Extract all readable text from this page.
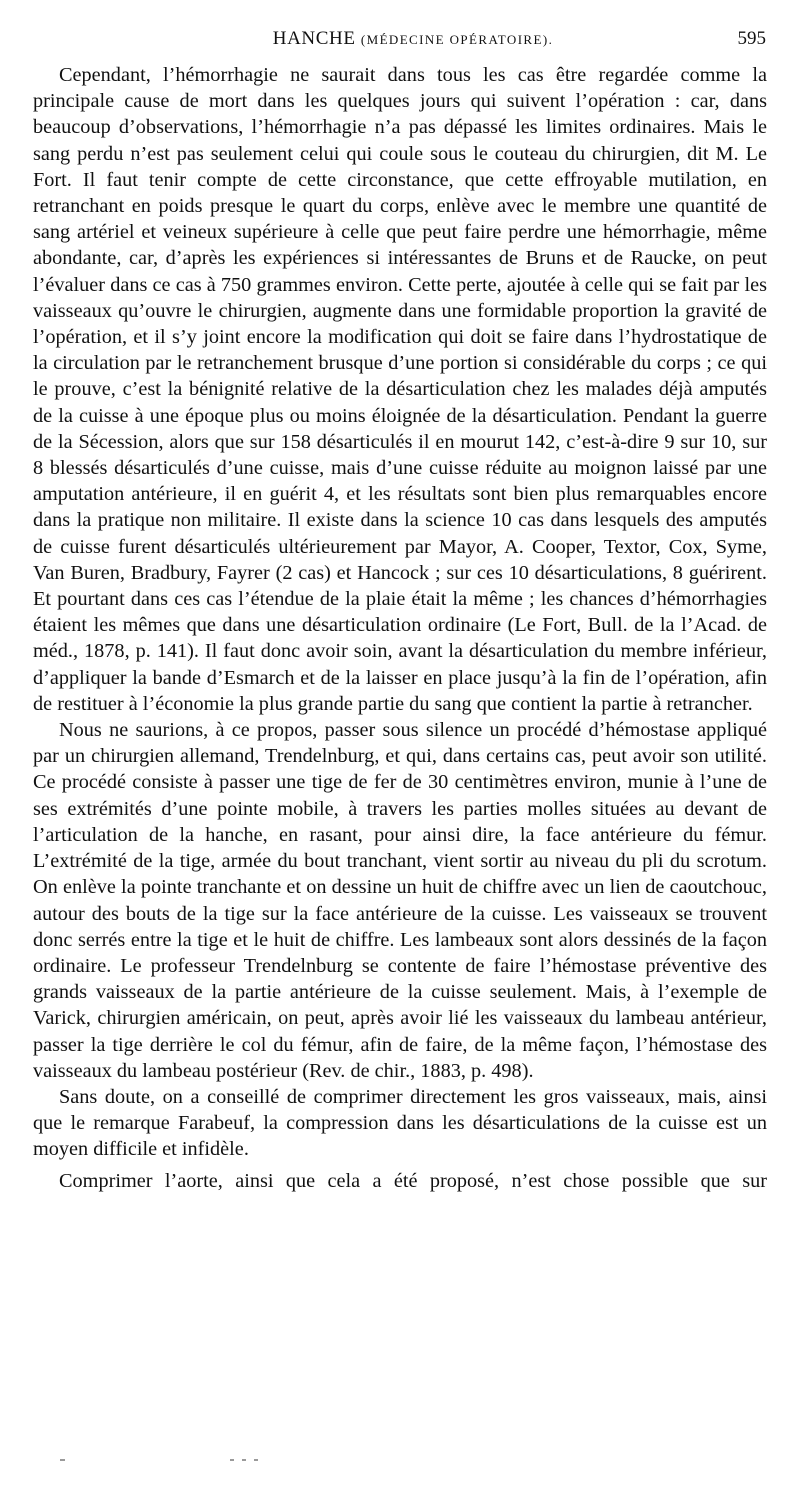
HANCHE (MÉDECINE OPÉRATOIRE).	595

Cependant, l’hémorrhagie ne saurait dans tous les cas être regardée comme la principale cause de mort dans les quelques jours qui suivent l’opération : car, dans beaucoup d’observations, l’hémorrhagie n’a pas dépassé les limites ordinaires. Mais le sang perdu n’est pas seulement celui qui coule sous le couteau du chirurgien, dit M. Le Fort. Il faut tenir compte de cette circonstance, que cette effroyable mutilation, en retranchant en poids presque le quart du corps, enlève avec le membre une quantité de sang artériel et veineux supérieure à celle que peut faire perdre une hémorrhagie, même abondante, car, d’après les expériences si intéressantes de Bruns et de Raucke, on peut l’évaluer dans ce cas à 750 grammes environ. Cette perte, ajoutée à celle qui se fait par les vaisseaux qu’ouvre le chirurgien, augmente dans une formidable proportion la gravité de l’opération, et il s’y joint encore la modification qui doit se faire dans l’hydrostatique de la circulation par le retranchement brusque d’une portion si considérable du corps ; ce qui le prouve, c’est la bénignité relative de la désarticulation chez les malades déjà amputés de la cuisse à une époque plus ou moins éloignée de la désarticulation. Pendant la guerre de la Sécession, alors que sur 158 désarticulés il en mourut 142, c’est-à-dire 9 sur 10, sur 8 blessés désarticulés d’une cuisse, mais d’une cuisse réduite au moignon laissé par une amputation antérieure, il en guérit 4, et les résultats sont bien plus remarquables encore dans la pratique non militaire. Il existe dans la science 10 cas dans lesquels des amputés de cuisse furent désarticulés ultérieurement par Mayor, A. Cooper, Textor, Cox, Syme, Van Buren, Bradbury, Fayrer (2 cas) et Hancock ; sur ces 10 désarticulations, 8 guérirent. Et pourtant dans ces cas l’étendue de la plaie était la même ; les chances d’hémorrhagies étaient les mêmes que dans une désarticulation ordinaire (Le Fort, Bull. de la l’Acad. de méd., 1878, p. 141). Il faut donc avoir soin, avant la désarticulation du membre inférieur, d’appliquer la bande d’Esmarch et de la laisser en place jusqu’à la fin de l’opération, afin de restituer à l’économie la plus grande partie du sang que contient la partie à retrancher.

Nous ne saurions, à ce propos, passer sous silence un procédé d’hémostase appliqué par un chirurgien allemand, Trendelnburg, et qui, dans certains cas, peut avoir son utilité. Ce procédé consiste à passer une tige de fer de 30 centimètres environ, munie à l’une de ses extrémités d’une pointe mobile, à travers les parties molles situées au devant de l’articulation de la hanche, en rasant, pour ainsi dire, la face antérieure du fémur. L’extrémité de la tige, armée du bout tranchant, vient sortir au niveau du pli du scrotum. On enlève la pointe tranchante et on dessine un huit de chiffre avec un lien de caoutchouc, autour des bouts de la tige sur la face antérieure de la cuisse. Les vaisseaux se trouvent donc serrés entre la tige et le huit de chiffre. Les lambeaux sont alors dessinés de la façon ordinaire. Le professeur Trendelnburg se contente de faire l’hémostase préventive des grands vaisseaux de la partie antérieure de la cuisse seulement. Mais, à l’exemple de Varick, chirurgien américain, on peut, après avoir lié les vaisseaux du lambeau antérieur, passer la tige derrière le col du fémur, afin de faire, de la même façon, l’hémostase des vaisseaux du lambeau postérieur (Rev. de chir., 1883, p. 498).

Sans doute, on a conseillé de comprimer directement les gros vaisseaux, mais, ainsi que le remarque Farabeuf, la compression dans les désarticulations de la cuisse est un moyen difficile et infidèle.

Comprimer l’aorte, ainsi que cela a été proposé, n’est chose possible que sur
